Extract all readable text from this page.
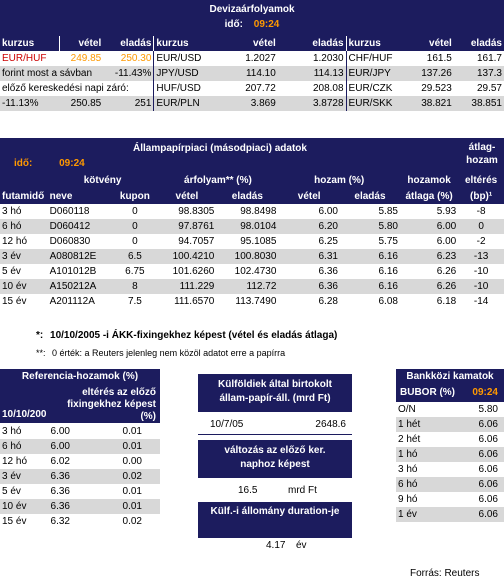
Devizaárfolyamok
idő: 09:24
kurzus	vétel	eladás	kurzus	vétel	eladás	kurzus	vétel	eladás
EUR/HUF	249.85	250.30	EUR/USD	1.2027	1.2030	CHF/HUF	161.5	161.7
forint most a sávban		-11.43%	JPY/USD	114.10	114.13	EUR/JPY	137.26	137.3
előző kereskedési napi záró:			HUF/USD	207.72	208.08	EUR/CZK	29.523	29.57
-11.13%	250.85	251	EUR/PLN	3.869	3.8728	EUR/SKK	38.821	38.851
Állampapírpiaci (másodpiaci) adatok
idő:	09:24
átlag-hozam
	kötvény		árfolyam** (%)		hozam (%)		hozamok	eltérés
futamidő	neve	kupon	vétel	eladás	vétel	eladás	átlaga (%)	(bp)¹
3 hó	D060118	0	98.8305	98.8498	6.00	5.85	5.93	-8
6 hó	D060412	0	97.8761	98.0104	6.20	5.80	6.00	0
12 hó	D060830	0	94.7057	95.1085	6.25	5.75	6.00	-2
3 év	A080812E	6.5	100.4210	100.8030	6.31	6.16	6.23	-13
5 év	A101012B	6.75	101.6260	102.4730	6.36	6.16	6.26	-10
10 év	A150212A	8	111.229	112.72	6.36	6.16	6.26	-10
15 év	A201112A	7.5	111.6570	113.7490	6.28	6.08	6.18	-14
*: 10/10/2005 -i ÁKK-fixingekhez képest (vétel és eladás átlaga)
**: 0 érték: a Reuters jelenleg nem közöl adatot erre a papírra
Referencia-hozamok (%)
10/10/200
eltérés az előző fixingekhez képest (%)
3 hó	6.00	0.01
6 hó	6.00	0.01
12 hó	6.02	0.00
3 év	6.36	0.02
5 év	6.36	0.01
10 év	6.36	0.01
15 év	6.32	0.02
Külföldiek által birtokolt állam-papír-áll. (mrd Ft)
10/7/05	2648.6
változás az előző ker. naphoz képest
16.5	mrd Ft
Külf.-i állomány duration-je
4.17 év
Bankközi kamatok
BUBOR (%) 09:24
O/N	5.80
1 hét	6.06
2 hét	6.06
1 hó	6.06
3 hó	6.06
6 hó	6.06
9 hó	6.06
1 év	6.06
Forrás: Reuters
